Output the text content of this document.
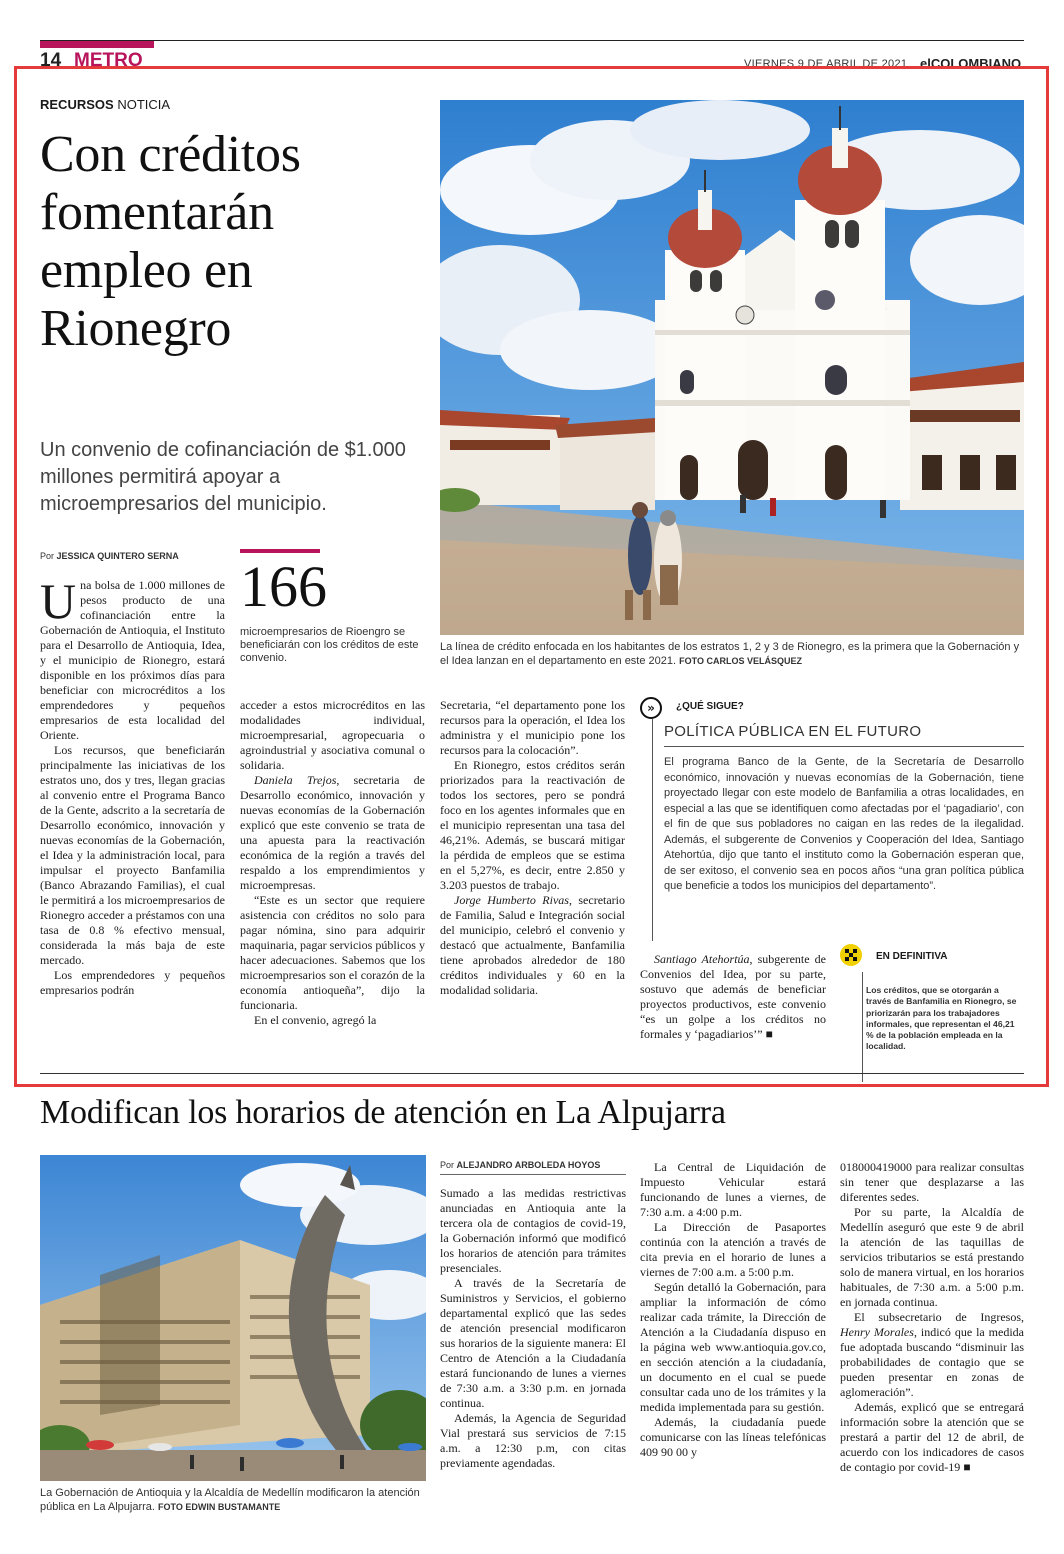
14 METRO	VIERNES 9 DE ABRIL DE 2021 elCOLOMBIANO
RECURSOS NOTICIA
Con créditos fomentarán empleo en Rionegro
Un convenio de cofinanciación de $1.000 millones permitirá apoyar a microempresarios del municipio.
Por JESSICA QUINTERO SERNA 166
microempresarios de Rioengro se beneficiarán con los créditos de este convenio.

Una bolsa de 1.000 millones de pesos producto de una cofinanciación entre la Gobernación de Antioquia, el Instituto para el Desarrollo de Antioquia, Idea, y el municipio de Rionegro, estará disponible en los próximos días para beneficiar con microcréditos a los emprendedores y pequeños empresarios de esta localidad del Oriente.

Los recursos, que beneficiarán principalmente las iniciativas de los estratos uno, dos y tres, llegan gracias al convenio entre el Programa Banco de la Gente, adscrito a la secretaría de Desarrollo económico, innovación y nuevas economías de la Gobernación, el Idea y la administración local, para impulsar el proyecto Banfamilia (Banco Abrazando Familias), el cual le permitirá a los microempresarios de Rionegro acceder a préstamos con una tasa de 0.8 % efectivo mensual, considerada la más baja de este mercado.

Los emprendedores y pequeños empresarios podrán

acceder a estos microcréditos en las modalidades individual, microempresarial, agropecuaria o agroindustrial y asociativa comunal o solidaria.

Daniela Trejos, secretaria de Desarrollo económico, innovación y nuevas economías de la Gobernación explicó que este convenio se trata de una apuesta para la reactivación económica de la región a través del respaldo a los emprendimientos y microempresas.

“Este es un sector que requiere asistencia con créditos no solo para pagar nómina, sino para adquirir maquinaria, pagar servicios públicos y hacer adecuaciones. Sabemos que los microempresarios son el corazón de la economía antioqueña”, dijo la funcionaria.

En el convenio, agregó la

Secretaria, “el departamento pone los recursos para la operación, el Idea los administra y el municipio pone los recursos para la colocación”.

En Rionegro, estos créditos serán priorizados para la reactivación de todos los sectores, pero se pondrá foco en los agentes informales que en el municipio representan una tasa del 46,21%. Además, se buscará mitigar la pérdida de empleos que se estima en el 5,27%, es decir, entre 2.850 y 3.203 puestos de trabajo.

Jorge Humberto Rivas, secretario de Familia, Salud e Integración social del municipio, celebró el convenio y destacó que actualmente, Banfamilia tiene aprobados alrededor de 180 créditos individuales y 60 en la modalidad solidaria.

Santiago Atehortúa, subgerente de Convenios del Idea, por su parte, sostuvo que además de beneficiar proyectos productivos, este convenio “es un golpe a los créditos no formales y ‘pagadiarios’” ■

La línea de crédito enfocada en los habitantes de los estratos 1, 2 y 3 de Rionegro, es la primera que la Gobernación y el Idea lanzan en el departamento en este 2021. FOTO CARLOS VELÁSQUEZ
»	¿QUÉ SIGUE?
POLÍTICA PÚBLICA EN EL FUTURO
El programa Banco de la Gente, de la Secretaría de Desarrollo económico, innovación y nuevas economías de la Gobernación, tiene proyectado llegar con este modelo de Banfamilia a otras localidades, en especial a las que se identifiquen como afectadas por el ‘pagadiario’, con el fin de que sus pobladores no caigan en las redes de la ilegalidad. Además, el subgerente de Convenios y Cooperación del Idea, Santiago Atehortúa, dijo que tanto el instituto como la Gobernación esperan que, de ser exitoso, el convenio sea en pocos años “una gran política pública que beneficie a todos los municipios del departamento”.
EN DEFINITIVA
Los créditos, que se otorgarán a través de Banfamilia en Rionegro, se priorizarán para los trabajadores informales, que representan el 46,21 % de la población empleada en la localidad.
Modifican los horarios de atención en La Alpujarra
La Gobernación de Antioquia y la Alcaldía de Medellín modificaron la atención pública en La Alpujarra. FOTO EDWIN BUSTAMANTE
Por ALEJANDRO ARBOLEDA HOYOS

Sumado a las medidas restrictivas anunciadas en Antioquia ante la tercera ola de contagios de covid-19, la Gobernación informó que modificó los horarios de atención para trámites presenciales.

A través de la Secretaría de Suministros y Servicios, el gobierno departamental explicó que las sedes de atención presencial modificaron sus horarios de la siguiente manera: El Centro de Atención a la Ciudadanía estará funcionando de lunes a viernes de 7:30 a.m. a 3:30 p.m. en jornada continua.

Además, la Agencia de Seguridad Vial prestará sus servicios de 7:15 a.m. a 12:30 p.m, con citas previamente agendadas.

La Central de Liquidación de Impuesto Vehicular estará funcionando de lunes a viernes, de 7:30 a.m. a 4:00 p.m.

La Dirección de Pasaportes continúa con la atención a través de cita previa en el horario de lunes a viernes de 7:00 a.m. a 5:00 p.m.

Según detalló la Gobernación, para ampliar la información de cómo realizar cada trámite, la Dirección de Atención a la Ciudadanía dispuso en la página web www.antioquia.gov.co, en sección atención a la ciudadanía, un documento en el cual se puede consultar cada uno de los trámites y la medida implementada para su gestión.

Además, la ciudadanía puede comunicarse con las líneas telefónicas 409 90 00 y

018000419000 para realizar consultas sin tener que desplazarse a las diferentes sedes.

Por su parte, la Alcaldía de Medellín aseguró que este 9 de abril la atención de las taquillas de servicios tributarios se está prestando solo de manera virtual, en los horarios habituales, de 7:30 a.m. a 5:00 p.m. en jornada continua.

El subsecretario de Ingresos, Henry Morales, indicó que la medida fue adoptada buscando “disminuir las probabilidades de contagio que se pueden presentar en zonas de aglomeración”.

Además, explicó que se entregará información sobre la atención que se prestará a partir del 12 de abril, de acuerdo con los indicadores de casos de contagio por covid-19 ■
